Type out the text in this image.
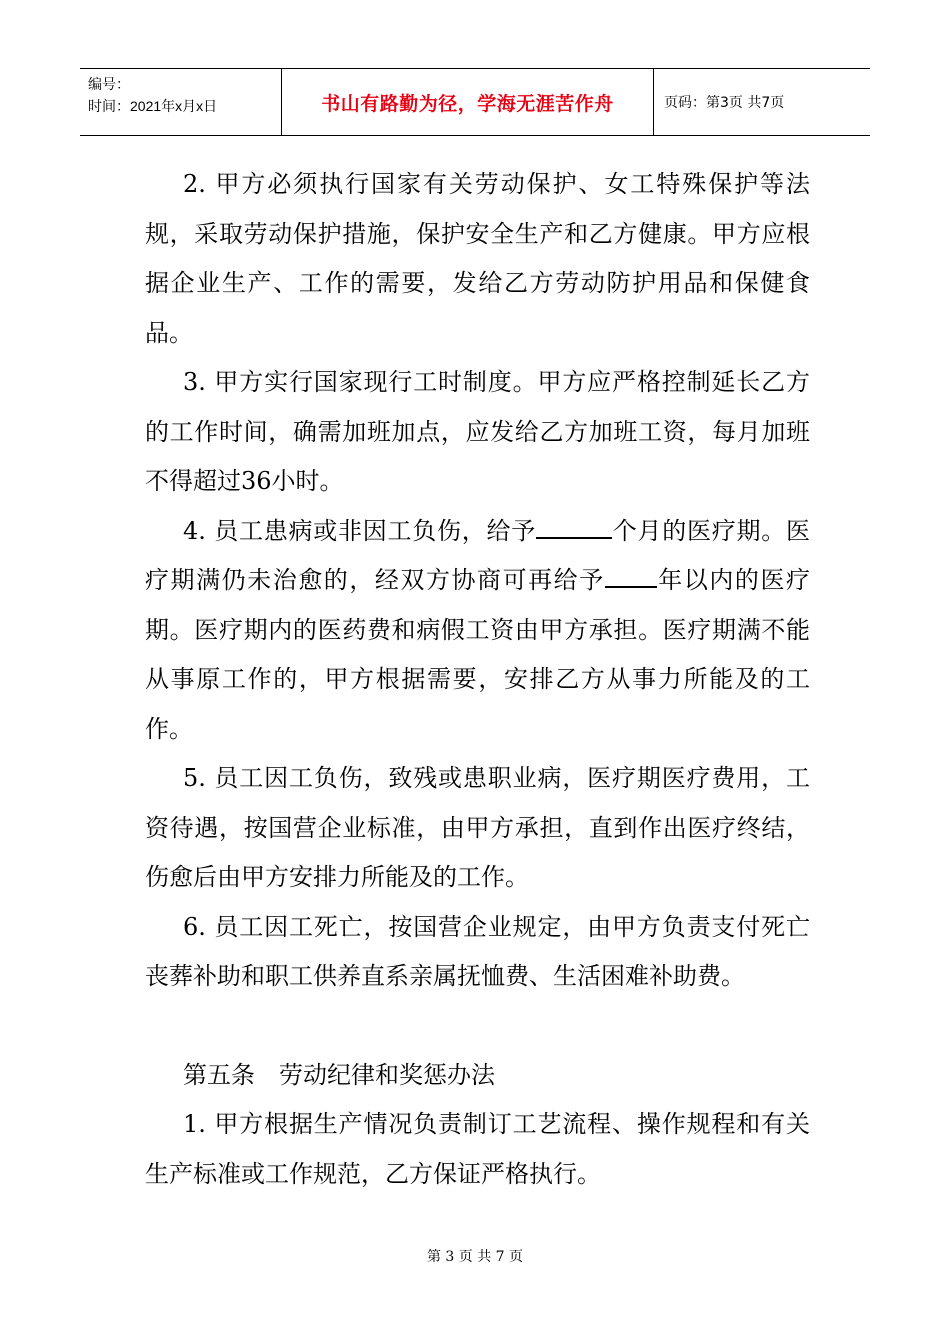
编号：
时间：2021年x月x日	书山有路勤为径，学海无涯苦作舟	页码：第3页 共7页

2. 甲方必须执行国家有关劳动保护、女工特殊保护等法规，采取劳动保护措施，保护安全生产和乙方健康。甲方应根据企业生产、工作的需要，发给乙方劳动防护用品和保健食品。

3. 甲方实行国家现行工时制度。甲方应严格控制延长乙方的工作时间，确需加班加点，应发给乙方加班工资，每月加班不得超过36小时。

4. 员工患病或非因工负伤，给予	个月的医疗期。医疗期满仍未治愈的，经双方协商可再给予 年以内的医疗期。医疗期内的医药费和病假工资由甲方承担。医疗期满不能从事原工作的，甲方根据需要，安排乙方从事力所能及的工作。

5. 员工因工负伤，致残或患职业病，医疗期医疗费用，工资待遇，按国营企业标准，由甲方承担，直到作出医疗终结，伤愈后由甲方安排力所能及的工作。

6. 员工因工死亡，按国营企业规定，由甲方负责支付死亡丧葬补助和职工供养直系亲属抚恤费、生活困难补助费。

第五条　劳动纪律和奖惩办法

1. 甲方根据生产情况负责制订工艺流程、操作规程和有关生产标准或工作规范，乙方保证严格执行。

第 3 页 共 7 页
